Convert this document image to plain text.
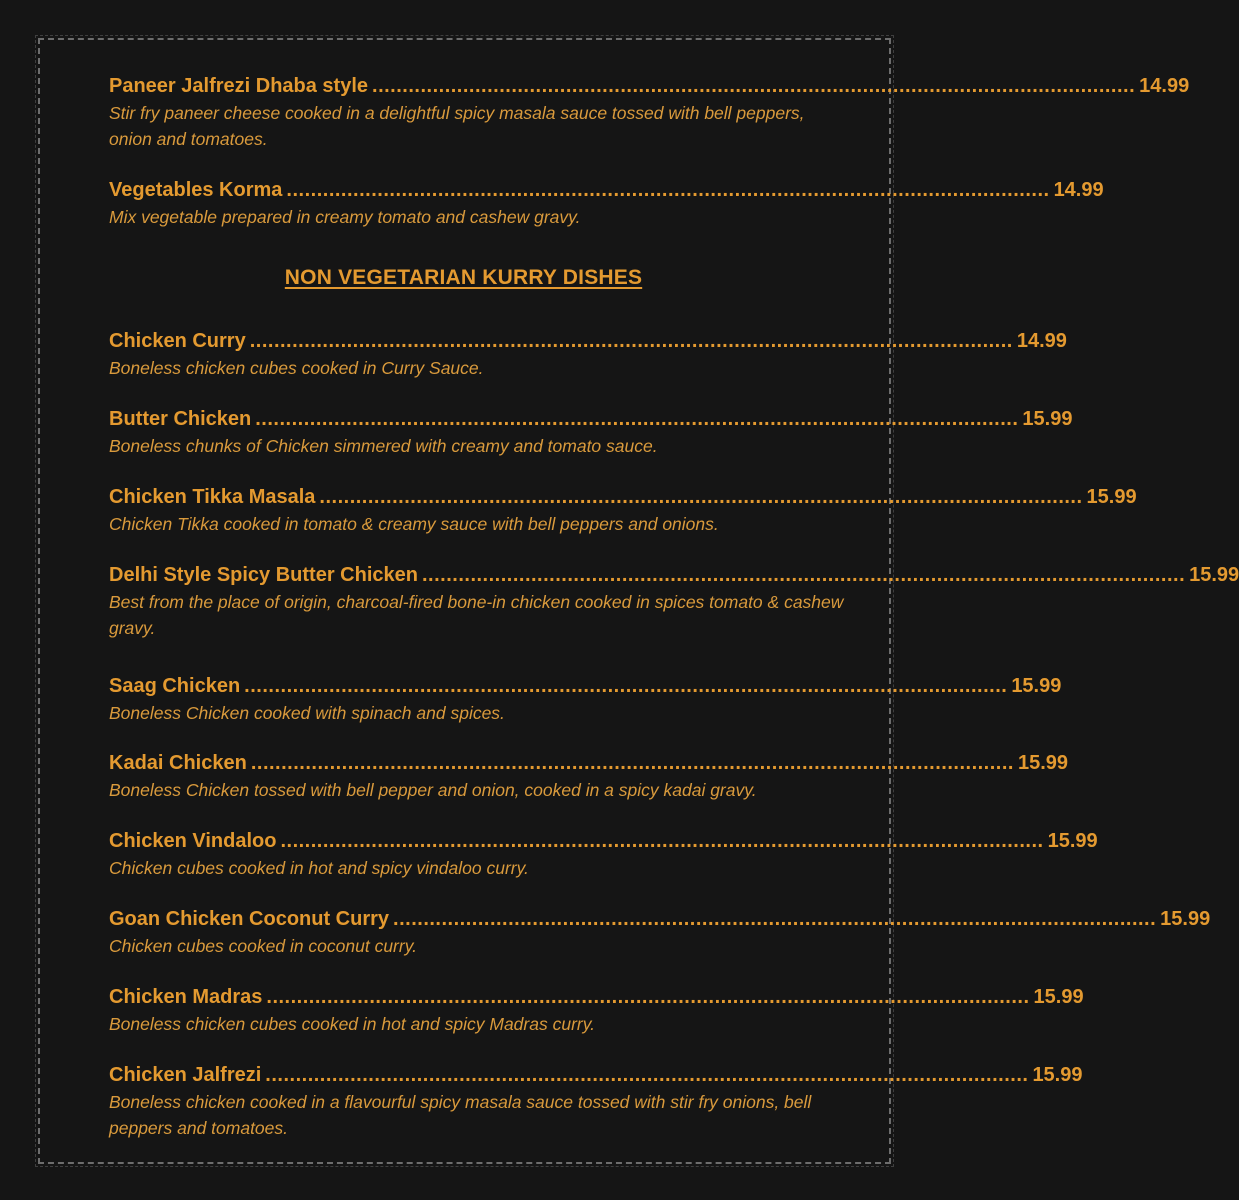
Paneer Jalfrezi Dhaba style .............................................................................................................................. 14.99
Stir fry paneer cheese cooked in a delightful spicy masala sauce tossed with bell peppers, onion and tomatoes.
Vegetables Korma .............................................................................................................................. 14.99
Mix vegetable prepared in creamy tomato and cashew gravy.
NON VEGETARIAN KURRY DISHES
Chicken Curry .............................................................................................................................. 14.99
Boneless chicken cubes cooked in Curry Sauce.
Butter Chicken .............................................................................................................................. 15.99
Boneless chunks of Chicken simmered with creamy and tomato sauce.
Chicken Tikka Masala .............................................................................................................................. 15.99
Chicken Tikka cooked in tomato & creamy sauce with bell peppers and onions.
Delhi Style Spicy Butter Chicken .............................................................................................................................. 15.99
Best from the place of origin, charcoal-fired bone-in chicken cooked in spices tomato & cashew gravy.
Saag Chicken .............................................................................................................................. 15.99
Boneless Chicken cooked with spinach and spices.
Kadai Chicken .............................................................................................................................. 15.99
Boneless Chicken tossed with bell pepper and onion, cooked in a spicy kadai gravy.
Chicken Vindaloo .............................................................................................................................. 15.99
Chicken cubes cooked in hot and spicy vindaloo curry.
Goan Chicken Coconut Curry .............................................................................................................................. 15.99
Chicken cubes cooked in coconut curry.
Chicken Madras .............................................................................................................................. 15.99
Boneless chicken cubes cooked in hot and spicy Madras curry.
Chicken Jalfrezi .............................................................................................................................. 15.99
Boneless chicken cooked in a flavourful spicy masala sauce tossed with stir fry onions, bell peppers and tomatoes.
